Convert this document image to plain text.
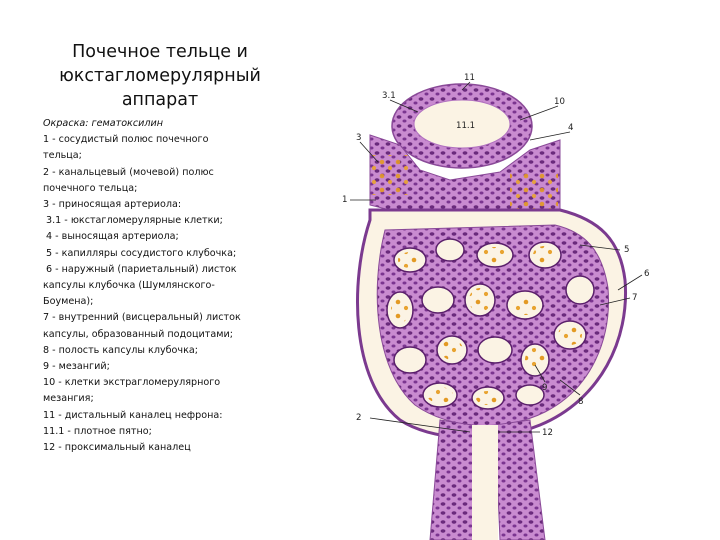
Почечное тельце и
юкстагломерулярный
аппарат
Окраска: гематоксилин
1 - сосудистый полюс почечного
тельца;
2 - канальцевый (мочевой) полюс
почечного тельца;
3 - приносящая артериола:
3.1 - юкстагломерулярные клетки;
4 - выносящая артериола;
5 - капилляры сосудистого клубочка;
6 - наружный (париетальный) листок
капсулы клубочка (Шумлянского-
Боумена);
7 - внутренний (висцеральный) листок
капсулы, образованный подоцитами;
8 - полость капсулы клубочка;
9 - мезангий;
10 - клетки экстрагломерулярного
мезангия;
11 - дистальный каналец нефрона:
11.1 - плотное пятно;
12 - проксимальный каналец
11
3.1
10
11.1	4
3
1
5
6
7
9
8
2
12
